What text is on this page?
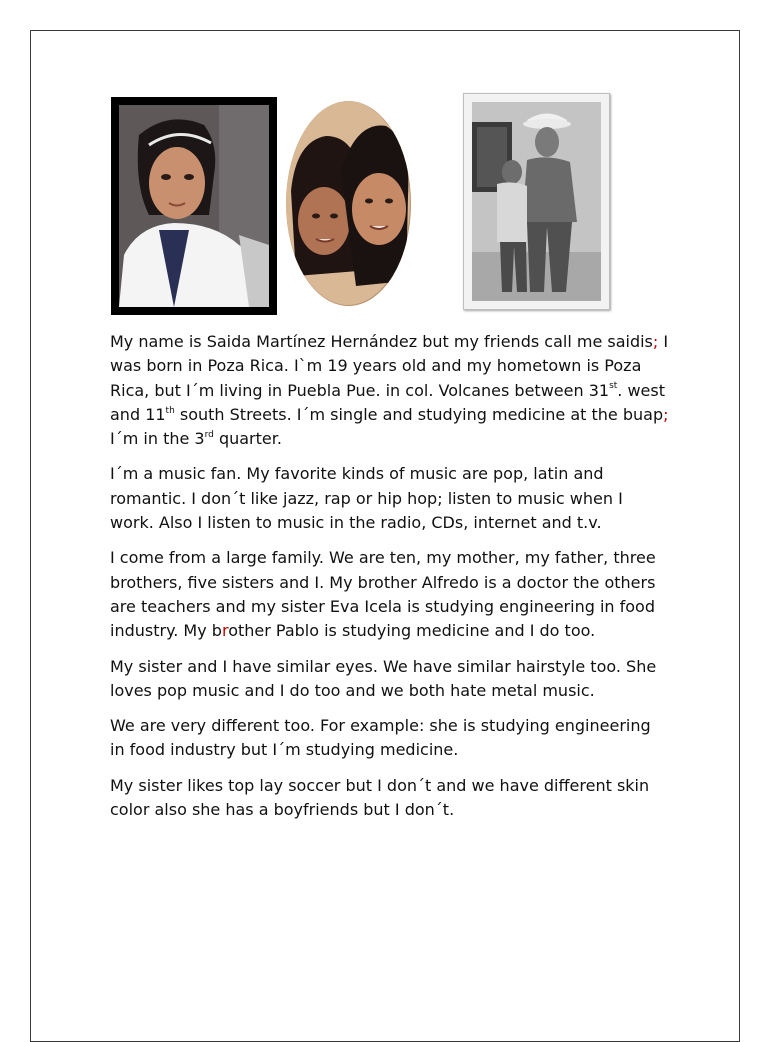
My name is Saida Martínez Hernández but my friends call me saidis; I was born in Poza Rica. I`m 19 years old and my hometown is Poza Rica, but I´m living in Puebla Pue. in col. Volcanes between 31st. west and 11th south Streets. I´m single and studying medicine at the buap; I´m in the 3rd quarter.

I´m a music fan. My favorite kinds of music are pop, latin and romantic. I don´t like jazz, rap or hip hop; listen to music when I work. Also I listen to music in the radio, CDs, internet and t.v.

I come from a large family. We are ten, my mother, my father, three brothers, five sisters and I. My brother Alfredo is a doctor the others are teachers and my sister Eva Icela is studying engineering in food industry. My brother Pablo is studying medicine and I do too.

My sister and I have similar eyes. We have similar hairstyle too. She loves pop music and I do too and we both hate metal music.

We are very different too. For example: she is studying engineering in food industry but I´m studying medicine.

My sister likes top lay soccer but I don´t and we have different skin color also she has a boyfriends but I don´t.
